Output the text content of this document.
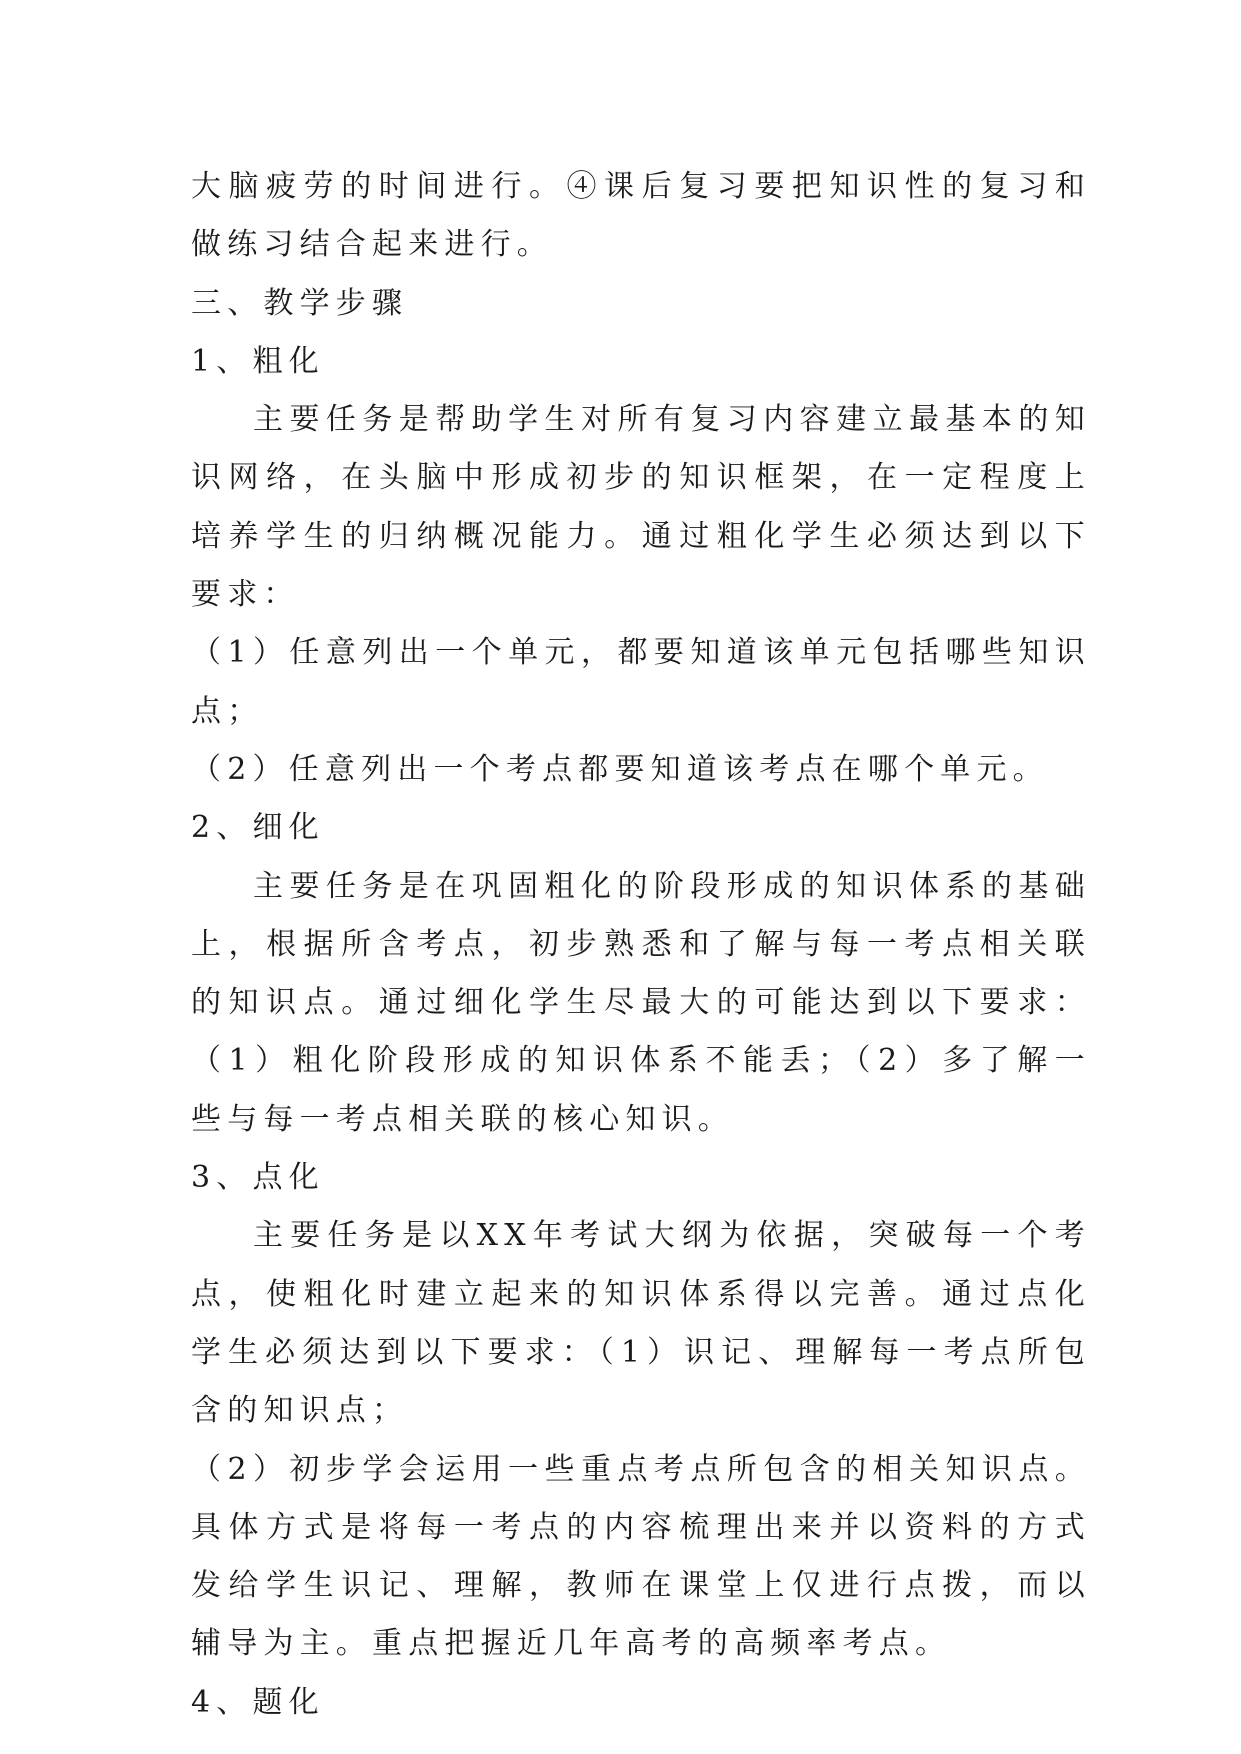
大脑疲劳的时间进行。④课后复习要把知识性的复习和做练习结合起来进行。

三、教学步骤

1、粗化

主要任务是帮助学生对所有复习内容建立最基本的知识网络，在头脑中形成初步的知识框架，在一定程度上培养学生的归纳概况能力。通过粗化学生必须达到以下要求：

（1）任意列出一个单元，都要知道该单元包括哪些知识点；

（2）任意列出一个考点都要知道该考点在哪个单元。

2、细化

主要任务是在巩固粗化的阶段形成的知识体系的基础上，根据所含考点，初步熟悉和了解与每一考点相关联的知识点。通过细化学生尽最大的可能达到以下要求：（1）粗化阶段形成的知识体系不能丢；（2）多了解一些与每一考点相关联的核心知识。

3、点化

主要任务是以XX年考试大纲为依据，突破每一个考点，使粗化时建立起来的知识体系得以完善。通过点化学生必须达到以下要求：（1）识记、理解每一考点所包含的知识点；

（2）初步学会运用一些重点考点所包含的相关知识点。具体方式是将每一考点的内容梳理出来并以资料的方式发给学生识记、理解，教师在课堂上仅进行点拨，而以辅导为主。重点把握近几年高考的高频率考点。

4、题化
